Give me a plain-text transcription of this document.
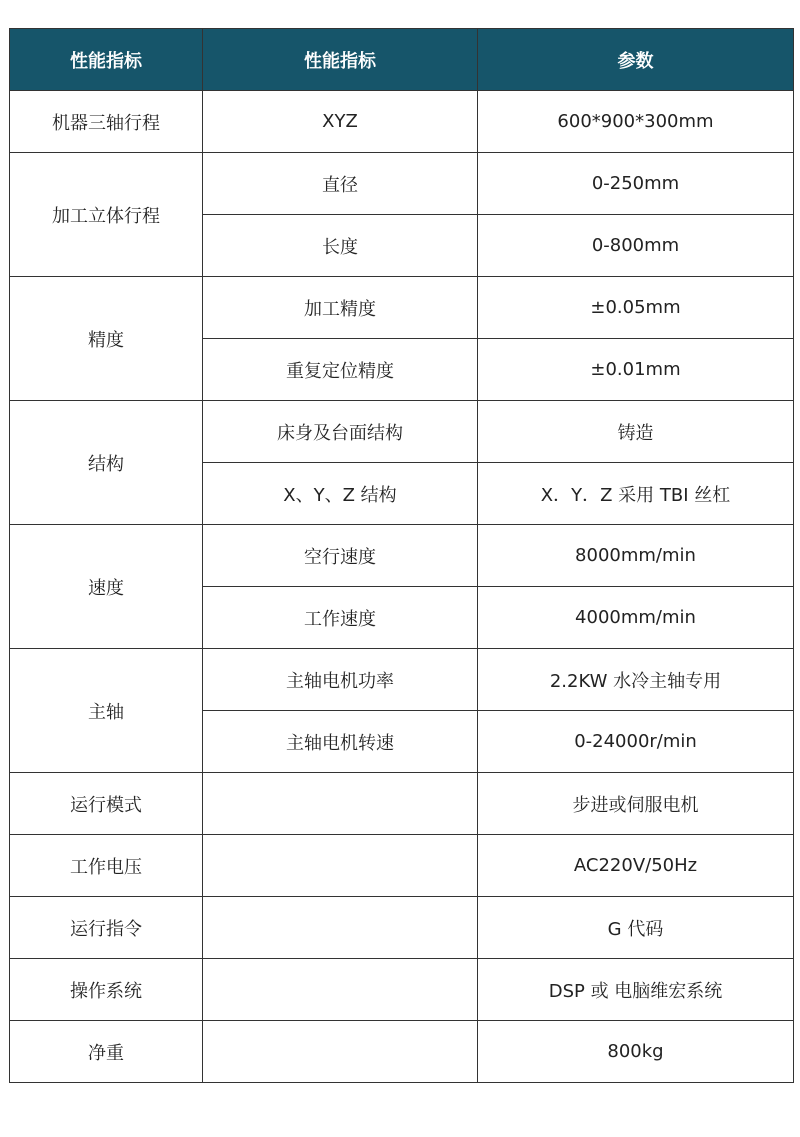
性能指标	性能指标	参数
机器三轴行程	XYZ	600*900*300mm
加工立体行程	直径	0-250mm
	长度	0-800mm
精度	加工精度	±0.05mm
	重复定位精度	±0.01mm
结构	床身及台面结构	铸造
	X、Y、Z 结构	X．Y．Z 采用 TBI 丝杠
速度	空行速度	8000mm/min
	工作速度	4000mm/min
主轴	主轴电机功率	2.2KW 水冷主轴专用
	主轴电机转速	0-24000r/min
运行模式		步进或伺服电机
工作电压		AC220V/50Hz
运行指令		G 代码
操作系统		DSP 或 电脑维宏系统
净重		800kg
